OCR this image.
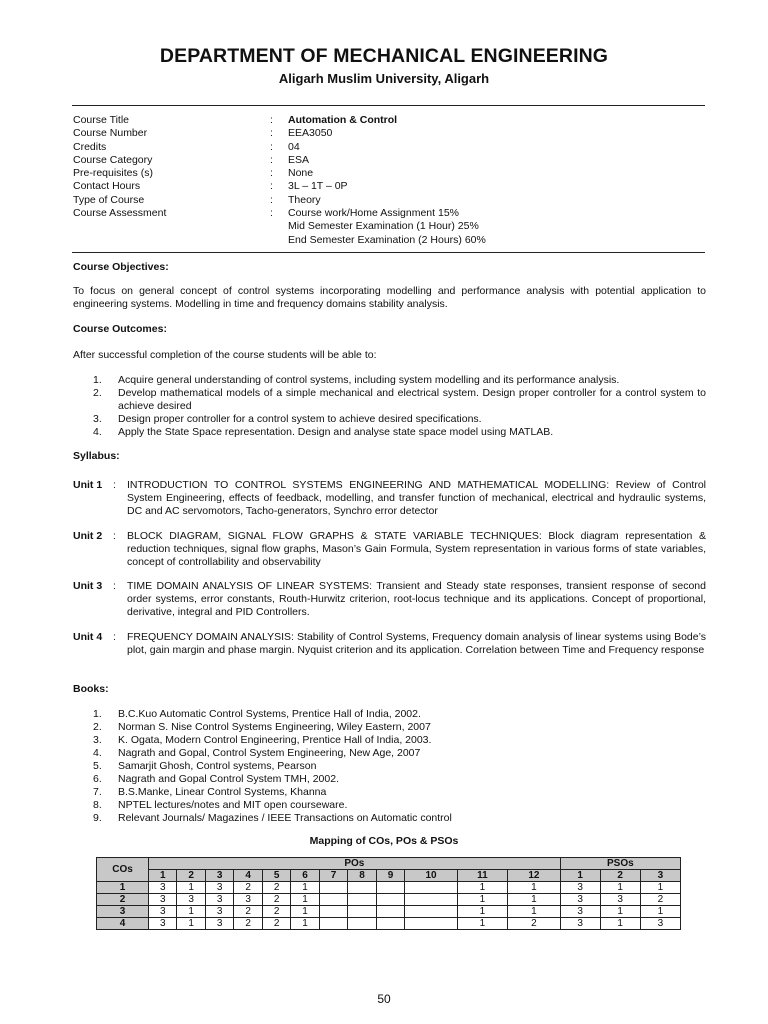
DEPARTMENT OF MECHANICAL ENGINEERING
Aligarh Muslim University, Aligarh
Course Title	:	Automation & Control
Course Number	:	EEA3050
Credits	:	04
Course Category	:	ESA
Pre-requisites (s)	:	None
Contact Hours	:	3L – 1T – 0P
Type of Course	:	Theory
Course Assessment	:	Course work/Home Assignment 15%
Mid Semester Examination (1 Hour) 25%
End Semester Examination (2 Hours) 60%
Course Objectives:
To focus on general concept of control systems incorporating modelling and performance analysis with potential application to engineering systems. Modelling in time and frequency domains stability analysis.
Course Outcomes:
After successful completion of the course students will be able to:
1.	Acquire general understanding of control systems, including system modelling and its performance analysis.
2.	Develop mathematical models of a simple mechanical and electrical system. Design proper controller for a control system to achieve desired
3.	Design proper controller for a control system to achieve desired specifications.
4.	Apply the State Space representation. Design and analyse state space model using MATLAB.
Syllabus:
Unit 1	:	INTRODUCTION TO CONTROL SYSTEMS ENGINEERING AND MATHEMATICAL MODELLING: Review of Control System Engineering, effects of feedback, modelling, and transfer function of mechanical, electrical and hydraulic systems, DC and AC servomotors, Tacho-generators, Synchro error detector
Unit 2	:	BLOCK DIAGRAM, SIGNAL FLOW GRAPHS & STATE VARIABLE TECHNIQUES: Block diagram representation & reduction techniques, signal flow graphs, Mason’s Gain Formula, System representation in various forms of state variables, concept of controllability and observability
Unit 3	:	TIME DOMAIN ANALYSIS OF LINEAR SYSTEMS: Transient and Steady state responses, transient response of second order systems, error constants, Routh-Hurwitz criterion, root-locus technique and its applications. Concept of proportional, derivative, integral and PID Controllers.
Unit 4	:	FREQUENCY DOMAIN ANALYSIS: Stability of Control Systems, Frequency domain analysis of linear systems using Bode’s plot, gain margin and phase margin. Nyquist criterion and its application. Correlation between Time and Frequency response
Books:
1.	B.C.Kuo Automatic Control Systems, Prentice Hall of India, 2002.
2.	Norman S. Nise Control Systems Engineering, Wiley Eastern, 2007
3.	K. Ogata, Modern Control Engineering, Prentice Hall of India, 2003.
4.	Nagrath and Gopal, Control System Engineering, New Age, 2007
5.	Samarjit Ghosh, Control systems, Pearson
6.	Nagrath and Gopal Control System TMH, 2002.
7.	B.S.Manke, Linear Control Systems, Khanna
8.	NPTEL lectures/notes and MIT open courseware.
9.	Relevant Journals/ Magazines / IEEE Transactions on Automatic control
Mapping of COs, POs & PSOs
COs	POs												PSOs		
	1	2	3	4	5	6	7	8	9	10	11	12	1	2	3
1	3	1	3	2	2	1					1	1	3	1	1
2	3	3	3	3	2	1					1	1	3	3	2
3	3	1	3	2	2	1					1	1	3	1	1
4	3	1	3	2	2	1					1	2	3	1	3
50
